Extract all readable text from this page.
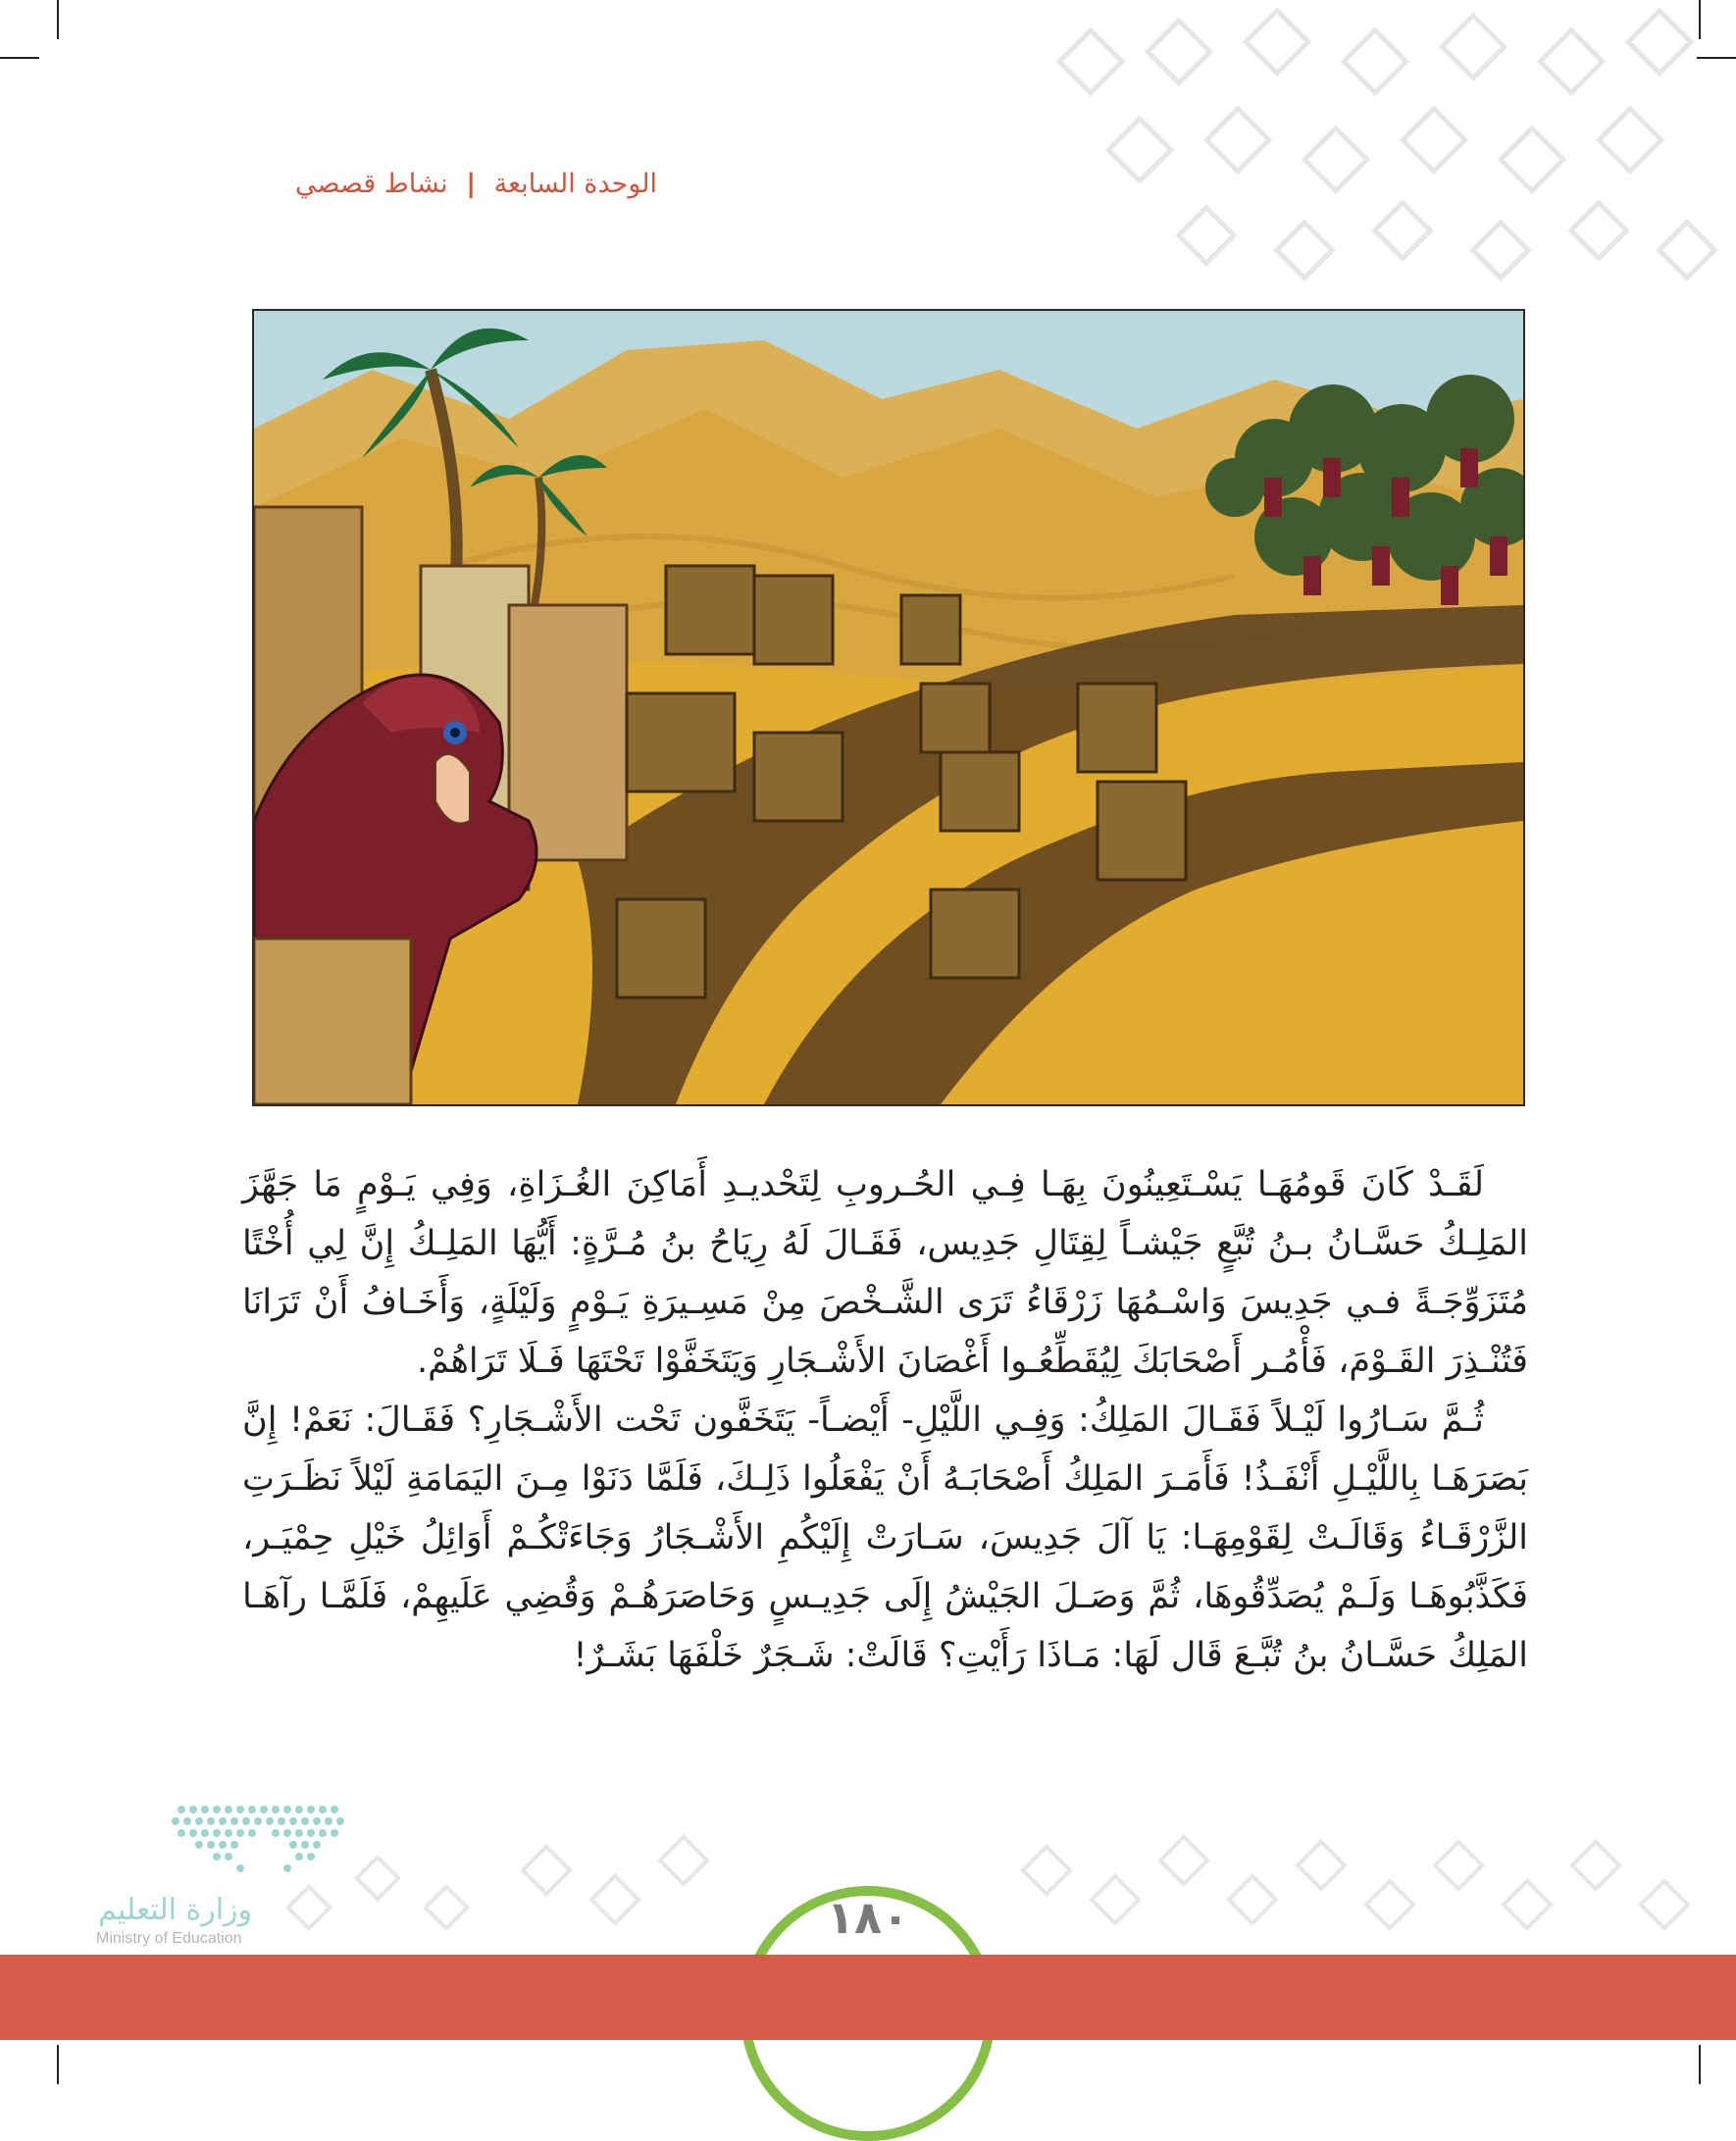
الوحدة السابعة | نشاط قصصي

لَقَـدْ كَانَ قَومُهَـا يَسْـتَعِينُونَ بِهَـا فِـي الحُـروبِ لِتَحْديـدِ أَمَاكِنَ الغُـزَاةِ، وَفِي يَـوْمٍ مَا جَهَّزَ المَلِـكُ حَسَّـانُ بـنُ تُبَّعٍ جَيْشـاً لِقِتَالِ جَدِيس، فَقَـالَ لَهُ رِيَاحُ بنُ مُـرَّةٍ: أَيُّهَا المَلِـكُ إِنَّ لِي أُخْتًا مُتَزَوِّجَـةً فـي جَدِيسَ وَاسْـمُهَا زَرْقَاءُ تَرَى الشَّـخْصَ مِنْ مَسِـيرَةِ يَـوْمٍ وَلَيْلَةٍ، وَأَخَـافُ أَنْ تَرَانَا فَتُنْـذِرَ القَـوْمَ، فَأْمُـر أَصْحَابَكَ لِيُقَطِّعُـوا أَغْصَانَ الأَشْـجَارِ وَيَتَخَفَّوْا تَحْتَهَا فَـلَا تَرَاهُمْ.

ثُـمَّ سَـارُوا لَيْـلاً فَقَـالَ المَلِكُ: وَفِـي اللَّيْلِ- أَيْضـاً- يَتَخَفَّون تَحْت الأَشْـجَارِ؟ فَقَـالَ: نَعَمْ! إِنَّ بَصَرَهَـا بِاللَّيْـلِ أَنْفَـذُ! فَأَمَـرَ المَلِكُ أَصْحَابَـهُ أَنْ يَفْعَلُوا ذَلِـكَ، فَلَمَّا دَنَوْا مِـنَ اليَمَامَةِ لَيْلاً نَظَـرَتِ الزَّرْقَـاءُ وَقَالَـتْ لِقَوْمِهَـا: يَا آلَ جَدِيسَ، سَـارَتْ إِلَيْكُمِ الأَشْـجَارُ وَجَاءَتْكُـمْ أَوَائِلُ خَيْلِ حِمْيَـر، فَكَذَّبُوهَـا وَلَـمْ يُصَدِّقُوهَا، ثُمَّ وَصَـلَ الجَيْشُ إِلَى جَدِيـسٍ وَحَاصَرَهُـمْ وَقُضِي عَلَيهِمْ، فَلَمَّـا رآهَـا المَلِكُ حَسَّـانُ بنُ تُبَّـعَ قَال لَهَا: مَـاذَا رَأَيْتِ؟ قَالَتْ: شَـجَرٌ خَلْفَهَا بَشَـرٌ!

وزارة التعليم
Ministry of Education	١٨٠
